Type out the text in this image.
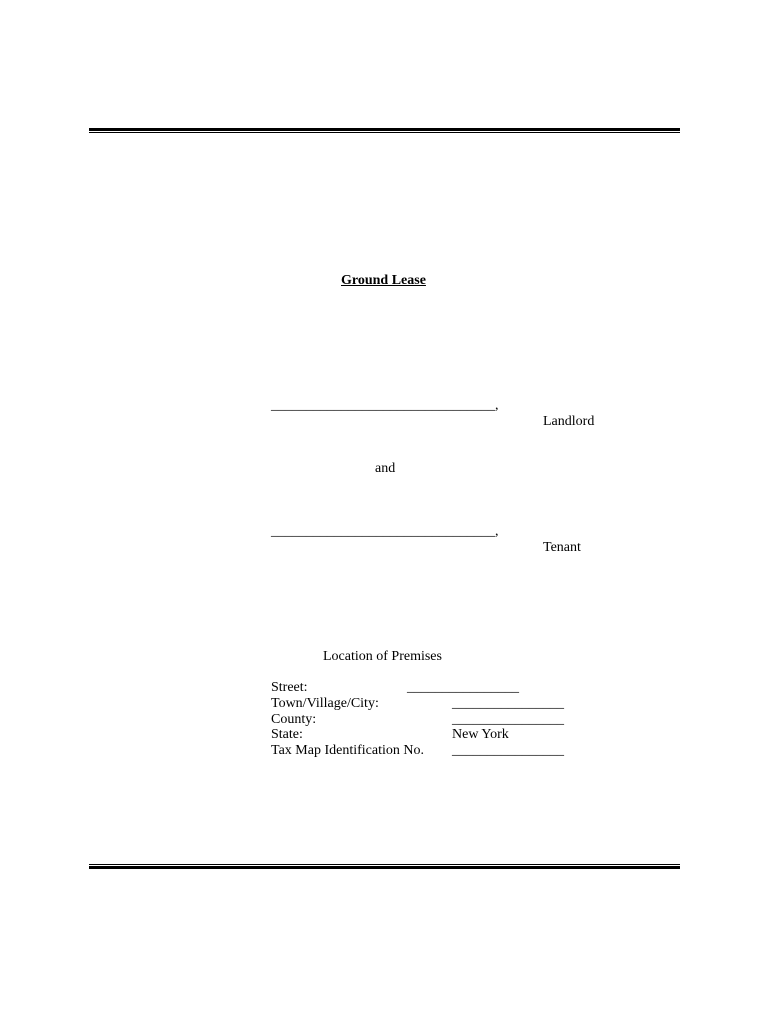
Ground Lease
________________________________,
Landlord
and
________________________________,
Tenant
Location of Premises
Street:	________________
Town/Village/City:	________________
County:	________________
State:	New York
Tax Map Identification No. ________________
